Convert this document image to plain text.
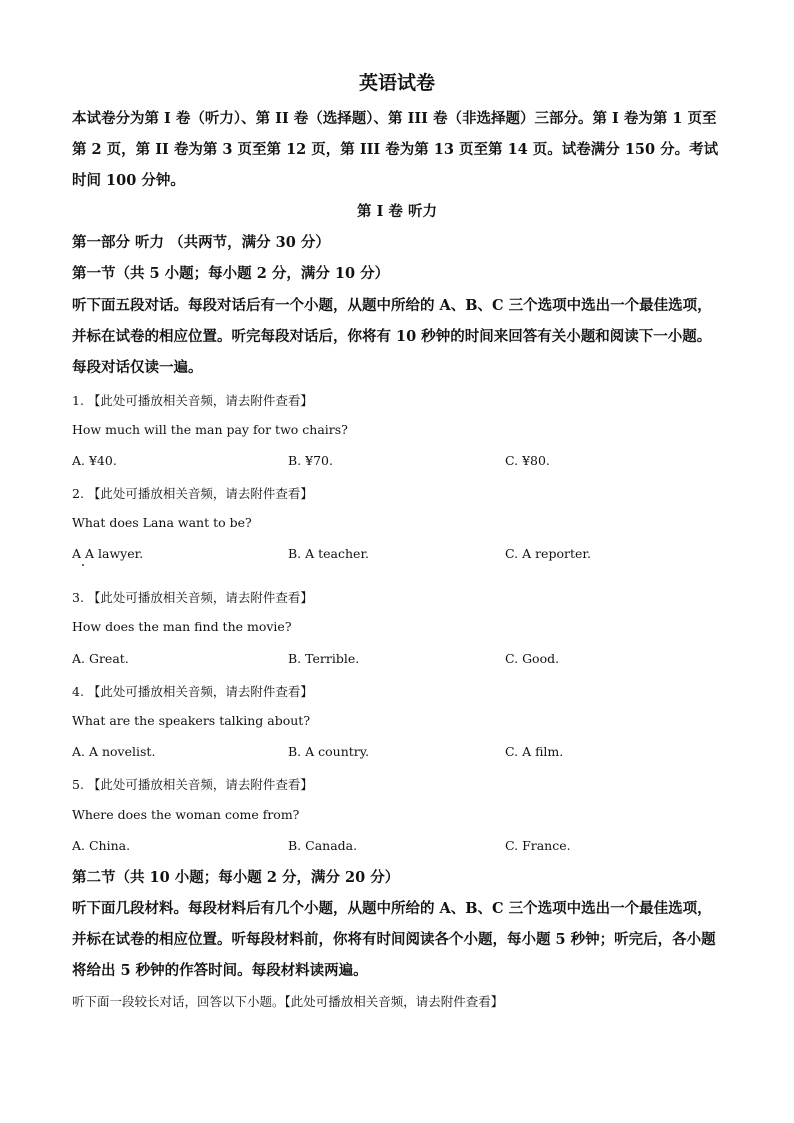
英语试卷
本试卷分为第 I 卷（听力）、第 II 卷（选择题）、第 III 卷（非选择题）三部分。第 I 卷为第 1 页至第 2 页，第 II 卷为第 3 页至第 12 页，第 III 卷为第 13 页至第 14 页。试卷满分 150 分。考试时间 100 分钟。
第 I 卷 听力
第一部分 听力 （共两节，满分 30 分）
第一节（共 5 小题；每小题 2 分，满分 10 分）
听下面五段对话。每段对话后有一个小题，从题中所给的 A、B、C 三个选项中选出一个最佳选项，并标在试卷的相应位置。听完每段对话后，你将有 10 秒钟的时间来回答有关小题和阅读下一小题。每段对话仅读一遍。
1. 【此处可播放相关音频，请去附件查看】
How much will the man pay for two chairs?
A. ¥40.	B. ¥70.	C. ¥80.
2. 【此处可播放相关音频，请去附件查看】
What does Lana want to be?
A A lawyer.	B. A teacher.	C. A reporter.
3. 【此处可播放相关音频，请去附件查看】
How does the man find the movie?
A. Great.	B. Terrible.	C. Good.
4. 【此处可播放相关音频，请去附件查看】
What are the speakers talking about?
A. A novelist.	B. A country.	C. A film.
5. 【此处可播放相关音频，请去附件查看】
Where does the woman come from?
A. China.	B. Canada.	C. France.
第二节（共 10 小题；每小题 2 分，满分 20 分）
听下面几段材料。每段材料后有几个小题，从题中所给的 A、B、C 三个选项中选出一个最佳选项，并标在试卷的相应位置。听每段材料前，你将有时间阅读各个小题，每小题 5 秒钟；听完后，各小题将给出 5 秒钟的作答时间。每段材料读两遍。
听下面一段较长对话，回答以下小题。【此处可播放相关音频，请去附件查看】
